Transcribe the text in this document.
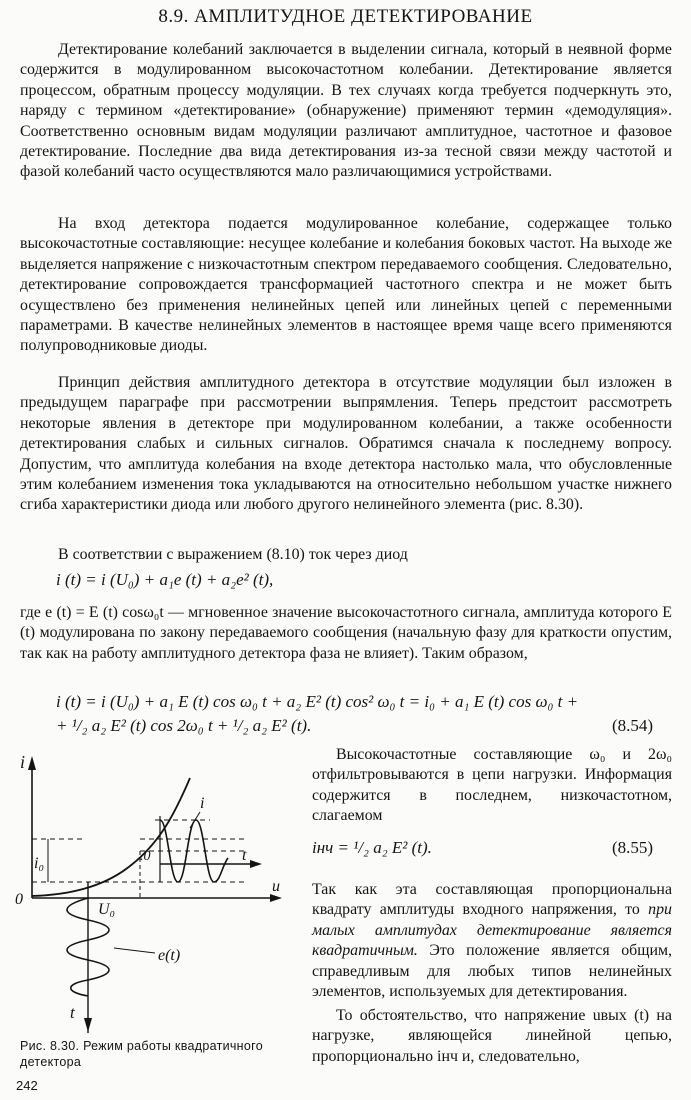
8.9. АМПЛИТУДНОЕ ДЕТЕКТИРОВАНИЕ

Детектирование колебаний заключается в выделении сигнала, который в неявной форме содержится в модулированном высокочастотном колебании. Детектирование является процессом, обратным процессу модуляции. В тех случаях когда требуется подчеркнуть это, наряду с термином «детектирование» (обнаружение) применяют термин «демодуляция». Соответственно основным видам модуляции различают амплитудное, частотное и фазовое детектирование. Последние два вида детектирования из-за тесной связи между частотой и фазой колебаний часто осуществляются мало различающимися устройствами.

На вход детектора подается модулированное колебание, содержащее только высокочастотные составляющие: несущее колебание и колебания боковых частот. На выходе же выделяется напряжение с низкочастотным спектром передаваемого сообщения. Следовательно, детектирование сопровождается трансформацией частотного спектра и не может быть осуществлено без применения нелинейных цепей или линейных цепей с переменными параметрами. В качестве нелинейных элементов в настоящее время чаще всего применяются полупроводниковые диоды.

Принцип действия амплитудного детектора в отсутствие модуляции был изложен в предыдущем параграфе при рассмотрении выпрямления. Теперь предстоит рассмотреть некоторые явления в детекторе при модулированном колебании, а также особенности детектирования слабых и сильных сигналов. Обратимся сначала к последнему вопросу. Допустим, что амплитуда колебания на входе детектора настолько мала, что обусловленные этим колебанием изменения тока укладываются на относительно небольшом участке нижнего сгиба характеристики диода или любого другого нелинейного элемента (рис. 8.30).

В соответствии с выражением (8.10) ток через диод

i (t) = i (U₀) + a₁e (t) + a₂e² (t),

где e (t) = E (t) cosω₀t — мгновенное значение высокочастотного сигнала, амплитуда которого E (t) модулирована по закону передаваемого сообщения (начальную фазу для краткости опустим, так как на работу амплитудного детектора фаза не влияет). Таким образом,

i (t) = i (U₀) + a₁ E (t) cos ω₀ t + a₂ E² (t) cos² ω₀ t = i₀ + a₁ E (t) cos ω₀ t +
+ ¹/₂ a₂ E² (t) cos 2ω₀ t + ¹/₂ a₂ E² (t).	(8.54)

Высокочастотные составляющие ω₀ и 2ω₀ отфильтровываются в цепи нагрузки. Информация содержится в последнем, низкочастотном, слагаемом

iнч = ¹/₂ a₂ E² (t).	(8.55)

Так как эта составляющая пропорциональна квадрату амплитуды входного напряжения, то при малых амплитудах детектирование является квадратичным. Это положение является общим, справедливым для любых типов нелинейных элементов, используемых для детектирования.

То обстоятельство, что напряжение uвых (t) на нагрузке, являющейся линейной цепью, пропорционально iнч и, следовательно,

i
i
i₀
0
.0	t
u
U₀
e(t)
t

Рис. 8.30. Режим работы квадратичного детектора

242
